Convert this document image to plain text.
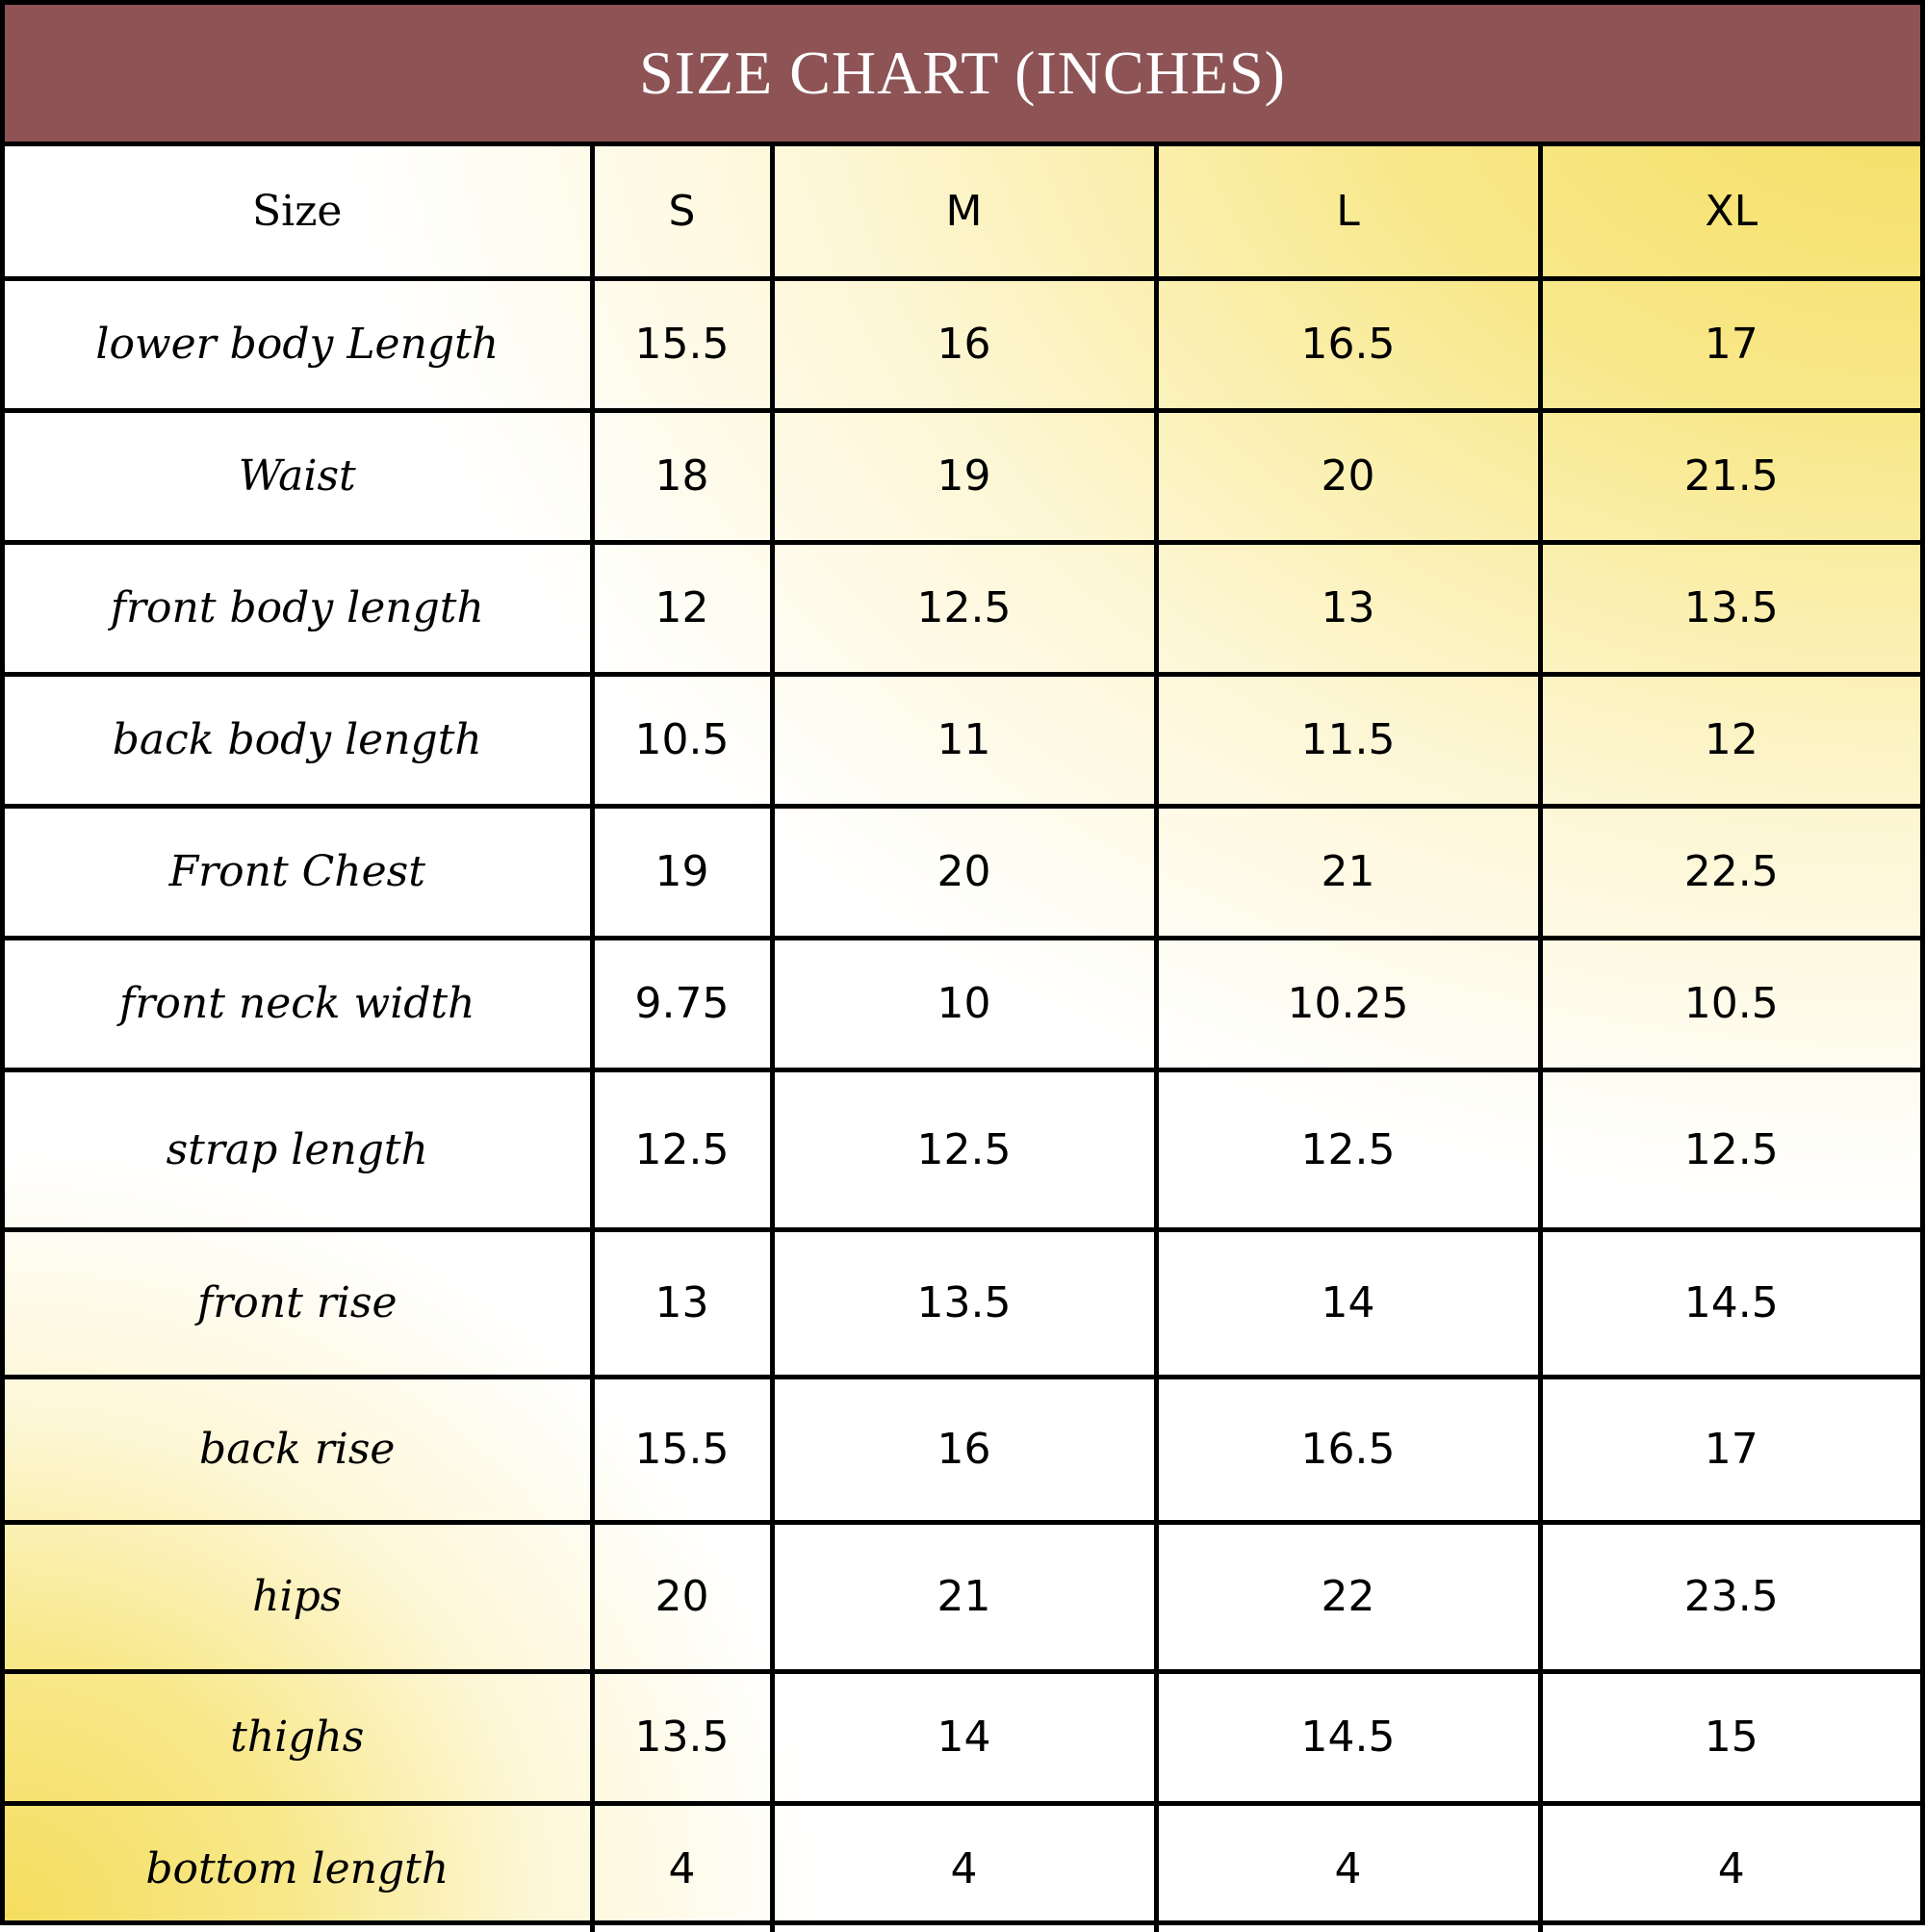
SIZE CHART (INCHES)
Size	S	M	L	XL
lower body Length	15.5	16	16.5	17
Waist	18	19	20	21.5
front body length	12	12.5	13	13.5
back body length	10.5	11	11.5	12
Front Chest	19	20	21	22.5
front neck width	9.75	10	10.25	10.5
strap length	12.5	12.5	12.5	12.5
front rise	13	13.5	14	14.5
back rise	15.5	16	16.5	17
hips	20	21	22	23.5
thighs	13.5	14	14.5	15
bottom length	4	4	4	4
